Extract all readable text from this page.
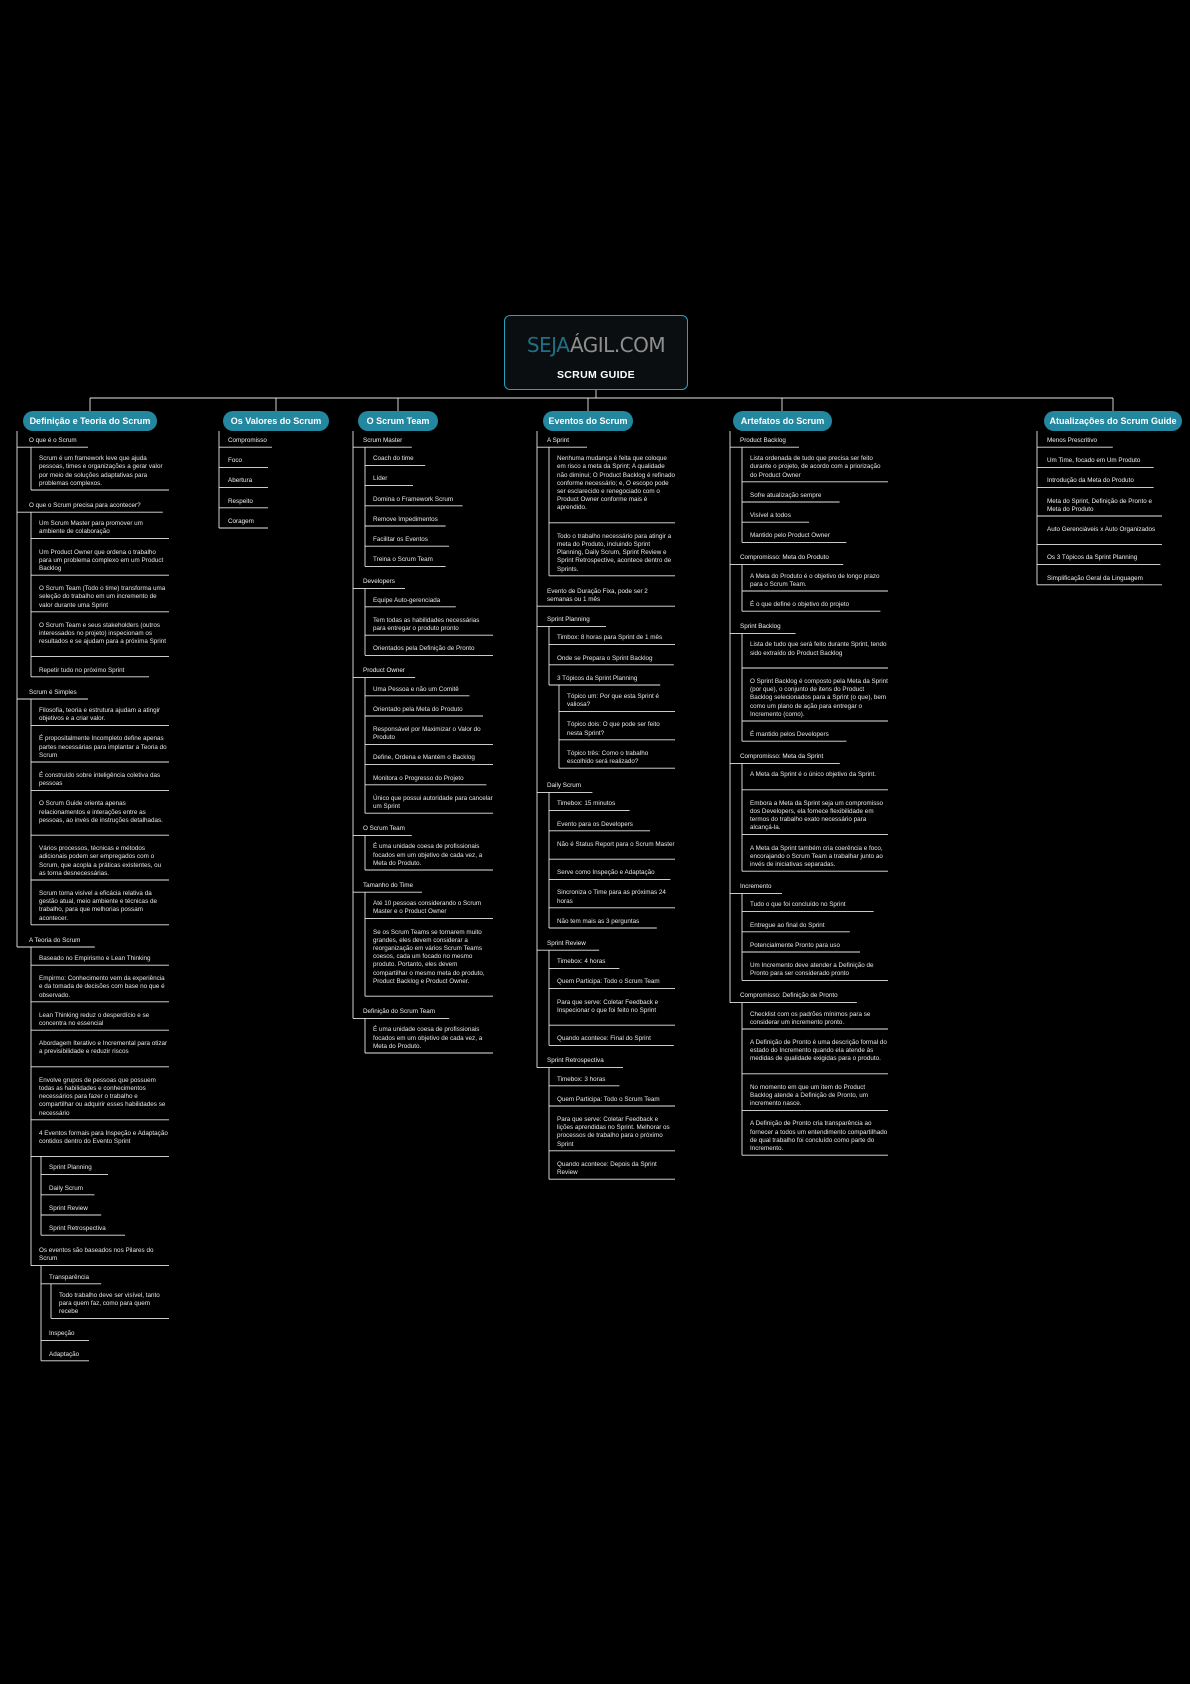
SEJAÁGIL.COM
SCRUM GUIDE
Definição e Teoria do Scrum	Os Valores do Scrum	O Scrum Team	Eventos do Scrum	Artefatos do Scrum	Atualizações do Scrum Guide
O que é o Scrum
Scrum é um framework leve que ajuda pessoas, times e organizações a gerar valor por meio de soluções adaptativas para problemas complexos.
O que o Scrum precisa para acontecer?
Um Scrum Master para promover um ambiente de colaboração
Um Product Owner que ordena o trabalho para um problema complexo em um Product Backlog
O Scrum Team (Todo o time) transforma uma seleção do trabalho em um incremento de valor durante uma Sprint
O Scrum Team e seus stakeholders (outros interessados no projeto) inspecionam os resultados e se ajudam para a próxima Sprint
Repetir tudo no próximo Sprint
Scrum é Simples
Filosofia, teoria e estrutura ajudam a atingir objetivos e a criar valor.
É propositalmente Incompleto define apenas partes necessárias para implantar a Teoria do Scrum
É construído sobre inteligência coletiva das pessoas
O Scrum Guide orienta apenas relacionamentos e interações entre as pessoas, ao invés de instruções detalhadas.
Vários processos, técnicas e métodos adicionais podem ser empregados com o Scrum, que acopla a práticas existentes, ou as torna desnecessárias.
Scrum torna visível a eficácia relativa da gestão atual, meio ambiente e técnicas de trabalho, para que melhorias possam acontecer.
A Teoria do Scrum
Baseado no Empirismo e Lean Thinking
Empirmo: Conhecimento vem da experiência e da tomada de decisões com base no que é observado.
Lean Thinking reduz o desperdício e se concentra no essencial
Abordagem Iterativo e Incremental para otizar a previsibilidade e reduzir riscos
Envolve grupos de pessoas que possuem todas as habilidades e conhecimentos necessários para fazer o trabalho e compartilhar ou adquirir esses habilidades se necessário
4 Eventos formais para Inspeção e Adaptação contidos dentro do Evento Sprint
Sprint Planning
Daily Scrum
Sprint Review
Sprint Retrospectiva
Os eventos são baseados nos Pilares do Scrum
Transparência
Todo trabalho deve ser visível, tanto para quem faz, como para quem recebe
Inspeção
Adaptação
Compromisso
Foco
Abertura
Respeito
Coragem
Scrum Master
Coach do time
Líder
Domina o Framework Scrum
Remove Impedimentos
Facilitar os Eventos
Treina o Scrum Team
Developers
Equipe Auto-gerenciada
Tem todas as habilidades necessárias para entregar o produto pronto
Orientados pela Definição de Pronto
Product Owner
Uma Pessoa e não um Comitê
Orientado pela Meta do Produto
Responsável por Maximizar o Valor do Produto
Define, Ordena e Mantém o Backlog
Monitora o Progresso do Projeto
Único que possui autoridade para cancelar um Sprint
O Scrum Team
É uma unidade coesa de profissionais focados em um objetivo de cada vez, a Meta do Produto.
Tamanho do Time
Até 10 pessoas considerando o Scrum Master e o Product Owner
Se os Scrum Teams se tornarem muito grandes, eles devem considerar a reorganização em vários Scrum Teams coesos, cada um focado no mesmo produto. Portanto, eles devem compartilhar o mesmo meta do produto, Product Backlog e Product Owner.
Definição do Scrum Team
É uma unidade coesa de profissionais focados em um objetivo de cada vez, a Meta do Produto.
A Sprint
Nenhuma mudança é feita que coloque em risco a meta da Sprint; A qualidade não diminui; O Product Backlog é refinado conforme necessário; e, O escopo pode ser esclarecido e renegociado com o Product Owner conforme mais é aprendido.
Todo o trabalho necessário para atingir a meta do Produto, incluindo Sprint Planning, Daily Scrum, Sprint Review e Sprint Retrospective, acontece dentro de Sprints.
Evento de Duração Fixa, pode ser 2 semanas ou 1 mês
Sprint Planning
Timbox: 8 horas para Sprint de 1 mês
Onde se Prepara o Sprint Backlog
3 Tópicos da Sprint Planning
Tópico um: Por que esta Sprint é valiosa?
Tópico dois: O que pode ser feito nesta Sprint?
Tópico três: Como o trabalho escolhido será realizado?
Daily Scrum
Timebox: 15 minutos
Evento para os Developers
Não é Status Report para o Scrum Master
Serve como Inspeção e Adaptação
Sincroniza o Time para as próximas 24 horas
Não tem mais as 3 perguntas
Sprint Review
Timebox: 4 horas
Quem Participa: Todo o Scrum Team
Para que serve: Coletar Feedback e Inspecionar o que foi feito no Sprint
Quando acontece: Final do Sprint
Sprint Retrospectiva
Timebox: 3 horas
Quem Participa: Todo o Scrum Team
Para que serve: Coletar Feedback e lições aprendidas no Sprint. Melhorar os processos de trabalho para o próximo Sprint
Quando acontece: Depois da Sprint Review
Product Backlog
Lista ordenada de tudo que precisa ser feito durante o projeto, de acordo com a priorização do Product Owner
Sofre atualização sempre
Visível a todos
Mantido pelo Product Owner
Compromisso: Meta do Produto
A Meta do Produto é o objetivo de longo prazo para o Scrum Team.
É o que define o objetivo do projeto
Sprint Backlog
Lista de tudo que será feito durante Sprint, tendo sido extraído do Product Backlog
O Sprint Backlog é composto pela Meta da Sprint (por que), o conjunto de itens do Product Backlog selecionados para a Sprint (o que), bem como um plano de ação para entregar o Incremento (como).
É mantido pelos Developers
Compromisso: Meta da Sprint
A Meta da Sprint é o único objetivo da Sprint.
Embora a Meta da Sprint seja um compromisso dos Developers, ela fornece flexibilidade em termos do trabalho exato necessário para alcançá-la.
A Meta da Sprint também cria coerência e foco, encorajando o Scrum Team a trabalhar junto ao invés de iniciativas separadas.
Incremento
Tudo o que foi concluído no Sprint
Entregue ao final do Sprint
Potencialmente Pronto para uso
Um Incremento deve atender a Definição de Pronto para ser considerado pronto
Compromisso: Definição de Pronto
Checklist com os padrões mínimos para se considerar um incremento pronto.
A Definição de Pronto é uma descrição formal do estado do Incremento quando ela atende às medidas de qualidade exigidas para o produto.
No momento em que um item do Product Backlog atende a Definição de Pronto, um incremento nasce.
A Definição de Pronto cria transparência ao fornecer a todos um entendimento compartilhado de qual trabalho foi concluído como parte do Incremento.
Menos Prescritivo
Um Time, focado em Um Produto
Introdução da Meta do Produto
Meta do Sprint, Definição de Pronto e Meta do Produto
Auto Gerenciáveis x Auto Organizados
Os 3 Tópicos da Sprint Planning
Simplificação Geral da Linguagem
